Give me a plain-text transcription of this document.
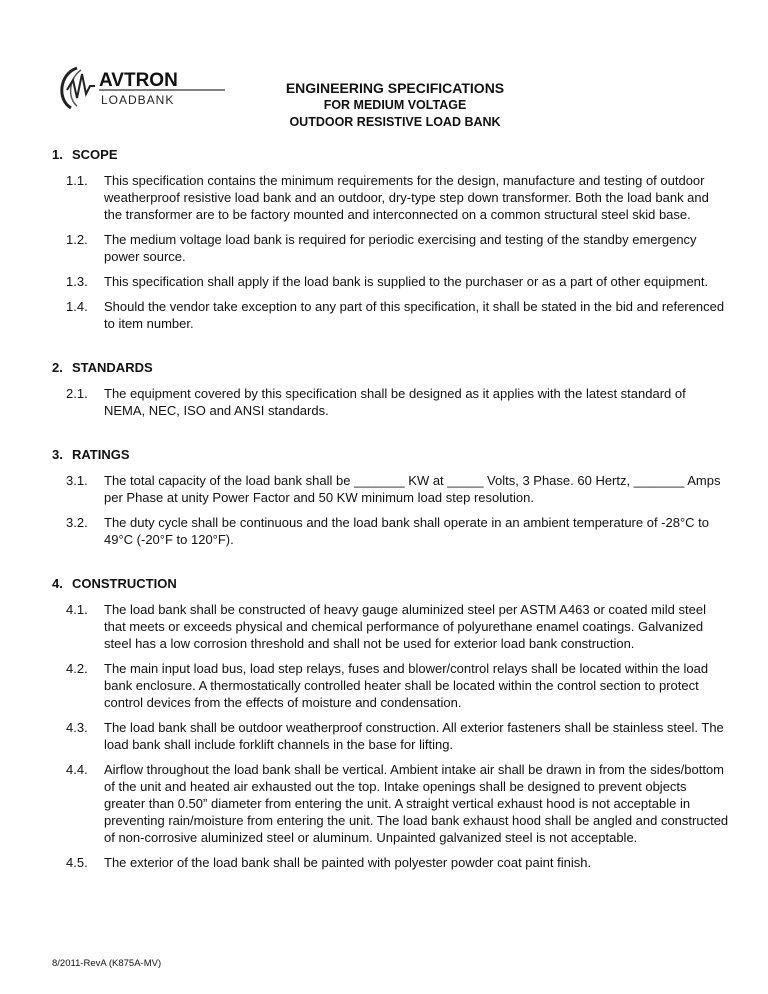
AVTRON
LOADBANK
ENGINEERING SPECIFICATIONS
FOR MEDIUM VOLTAGE
OUTDOOR RESISTIVE LOAD BANK
1. SCOPE
1.1. This specification contains the minimum requirements for the design, manufacture and testing of outdoor weatherproof resistive load bank and an outdoor, dry-type step down transformer. Both the load bank and the transformer are to be factory mounted and interconnected on a common structural steel skid base.
1.2. The medium voltage load bank is required for periodic exercising and testing of the standby emergency power source.
1.3. This specification shall apply if the load bank is supplied to the purchaser or as a part of other equipment.
1.4. Should the vendor take exception to any part of this specification, it shall be stated in the bid and referenced to item number.
2. STANDARDS
2.1. The equipment covered by this specification shall be designed as it applies with the latest standard of NEMA, NEC, ISO and ANSI standards.
3. RATINGS
3.1. The total capacity of the load bank shall be _______ KW at _____ Volts, 3 Phase. 60 Hertz, _______ Amps per Phase at unity Power Factor and 50 KW minimum load step resolution.
3.2. The duty cycle shall be continuous and the load bank shall operate in an ambient temperature of -28°C to 49°C (-20°F to 120°F).
4. CONSTRUCTION
4.1. The load bank shall be constructed of heavy gauge aluminized steel per ASTM A463 or coated mild steel that meets or exceeds physical and chemical performance of polyurethane enamel coatings. Galvanized steel has a low corrosion threshold and shall not be used for exterior load bank construction.
4.2. The main input load bus, load step relays, fuses and blower/control relays shall be located within the load bank enclosure. A thermostatically controlled heater shall be located within the control section to protect control devices from the effects of moisture and condensation.
4.3. The load bank shall be outdoor weatherproof construction. All exterior fasteners shall be stainless steel. The load bank shall include forklift channels in the base for lifting.
4.4. Airflow throughout the load bank shall be vertical. Ambient intake air shall be drawn in from the sides/bottom of the unit and heated air exhausted out the top. Intake openings shall be designed to prevent objects greater than 0.50” diameter from entering the unit. A straight vertical exhaust hood is not acceptable in preventing rain/moisture from entering the unit. The load bank exhaust hood shall be angled and constructed of non-corrosive aluminized steel or aluminum. Unpainted galvanized steel is not acceptable.
4.5. The exterior of the load bank shall be painted with polyester powder coat paint finish.
8/2011-RevA (K875A-MV)
